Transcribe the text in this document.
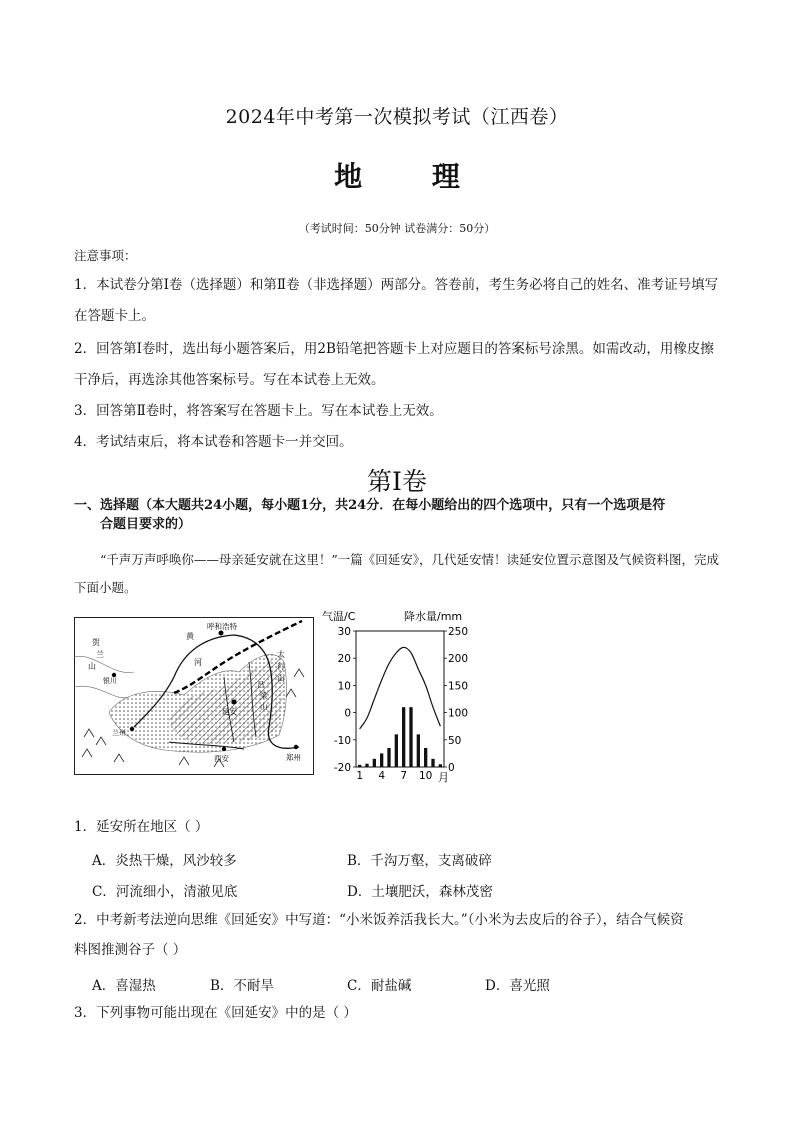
2024年中考第一次模拟考试（江西卷）
地 理
（考试时间：50分钟 试卷满分：50分）
注意事项：
1．本试卷分第Ⅰ卷（选择题）和第Ⅱ卷（非选择题）两部分。答卷前，考生务必将自己的姓名、准考证号填写在答题卡上。
2．回答第Ⅰ卷时，选出每小题答案后，用2B铅笔把答题卡上对应题目的答案标号涂黑。如需改动，用橡皮擦干净后，再选涂其他答案标号。写在本试卷上无效。
3．回答第Ⅱ卷时，将答案写在答题卡上。写在本试卷上无效。
4．考试结束后，将本试卷和答题卡一并交回。
第Ⅰ卷
一、选择题（本大题共24小题，每小题1分，共24分．在每小题给出的四个选项中，只有一个选项是符
合题目要求的）
“千声万声呼唤你——母亲延安就在这里！”一篇《回延安》，几代延安情！读延安位置示意图及气候资料图，完成下面小题。
呼和浩特
贺
兰
山
银川
黄
河
太
行
山
延安
兰州
西安	郑州
吕
梁
山
气温/C	降水量/mm
30
20
10
0
-10
-20
250
200
150
100
50
0
1 4 7 10 月
1．延安所在地区（ ）
A．炎热干燥，风沙较多	B．千沟万壑，支离破碎
C．河流细小，清澈见底	D．土壤肥沃，森林茂密
2．中考新考法逆向思维《回延安》中写道：“小米饭养活我长大。”（小米为去皮后的谷子），结合气候资
料图推测谷子（ ）
A．喜湿热	B．不耐旱	C．耐盐碱	D．喜光照
3．下列事物可能出现在《回延安》中的是（ ）
